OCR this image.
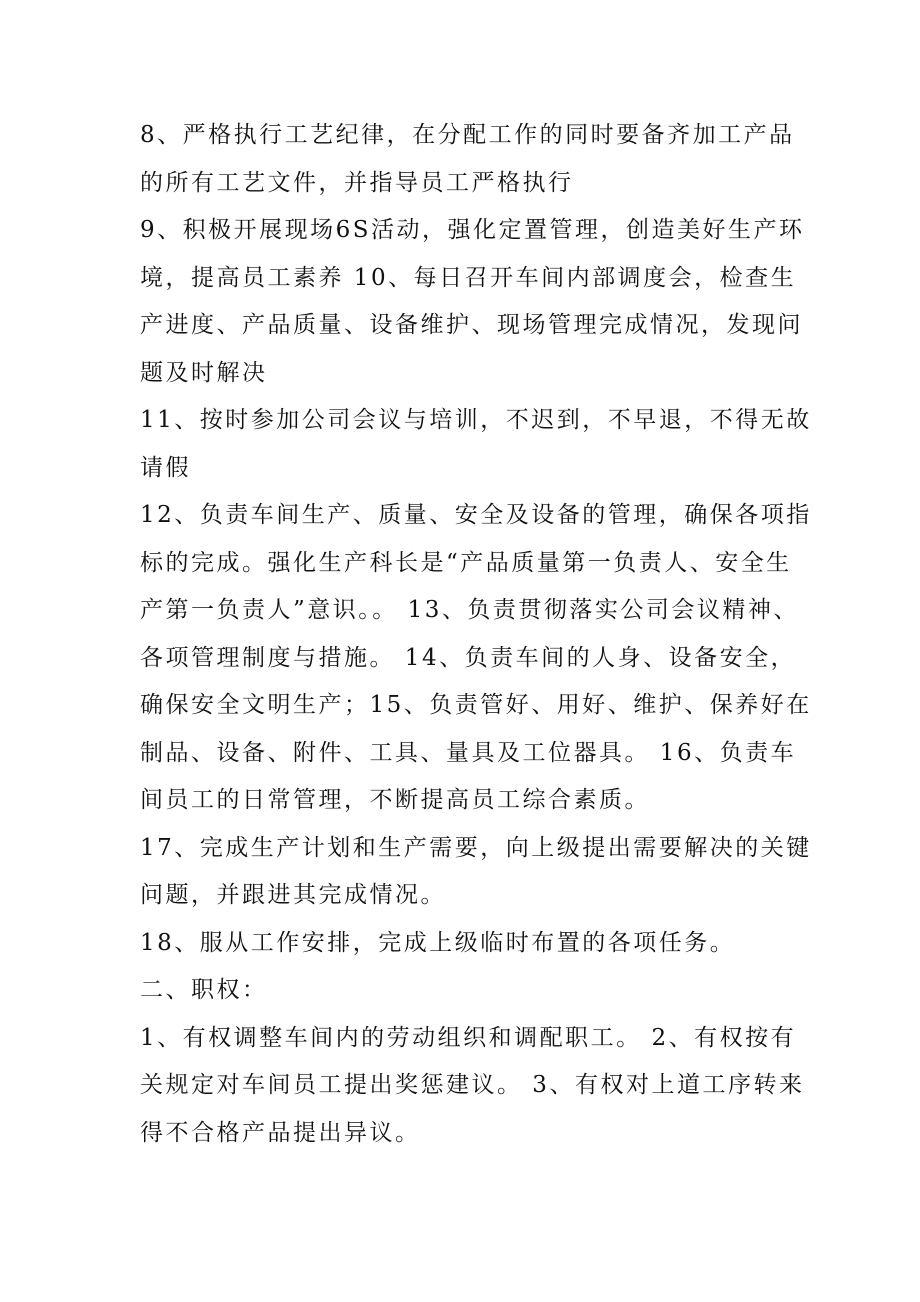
8、严格执行工艺纪律，在分配工作的同时要备齐加工产品
的所有工艺文件，并指导员工严格执行
9、积极开展现场6S活动，强化定置管理，创造美好生产环
境，提高员工素养 10、每日召开车间内部调度会，检查生
产进度、产品质量、设备维护、现场管理完成情况，发现问
题及时解决
11、按时参加公司会议与培训，不迟到，不早退，不得无故
请假
12、负责车间生产、质量、安全及设备的管理，确保各项指
标的完成。强化生产科长是“产品质量第一负责人、安全生
产第一负责人”意识。。 13、负责贯彻落实公司会议精神、
各项管理制度与措施。 14、负责车间的人身、设备安全，
确保安全文明生产；15、负责管好、用好、维护、保养好在
制品、设备、附件、工具、量具及工位器具。 16、负责车
间员工的日常管理，不断提高员工综合素质。
17、完成生产计划和生产需要，向上级提出需要解决的关键
问题，并跟进其完成情况。
18、服从工作安排，完成上级临时布置的各项任务。
二、职权：
1、有权调整车间内的劳动组织和调配职工。 2、有权按有
关规定对车间员工提出奖惩建议。 3、有权对上道工序转来
得不合格产品提出异议。
